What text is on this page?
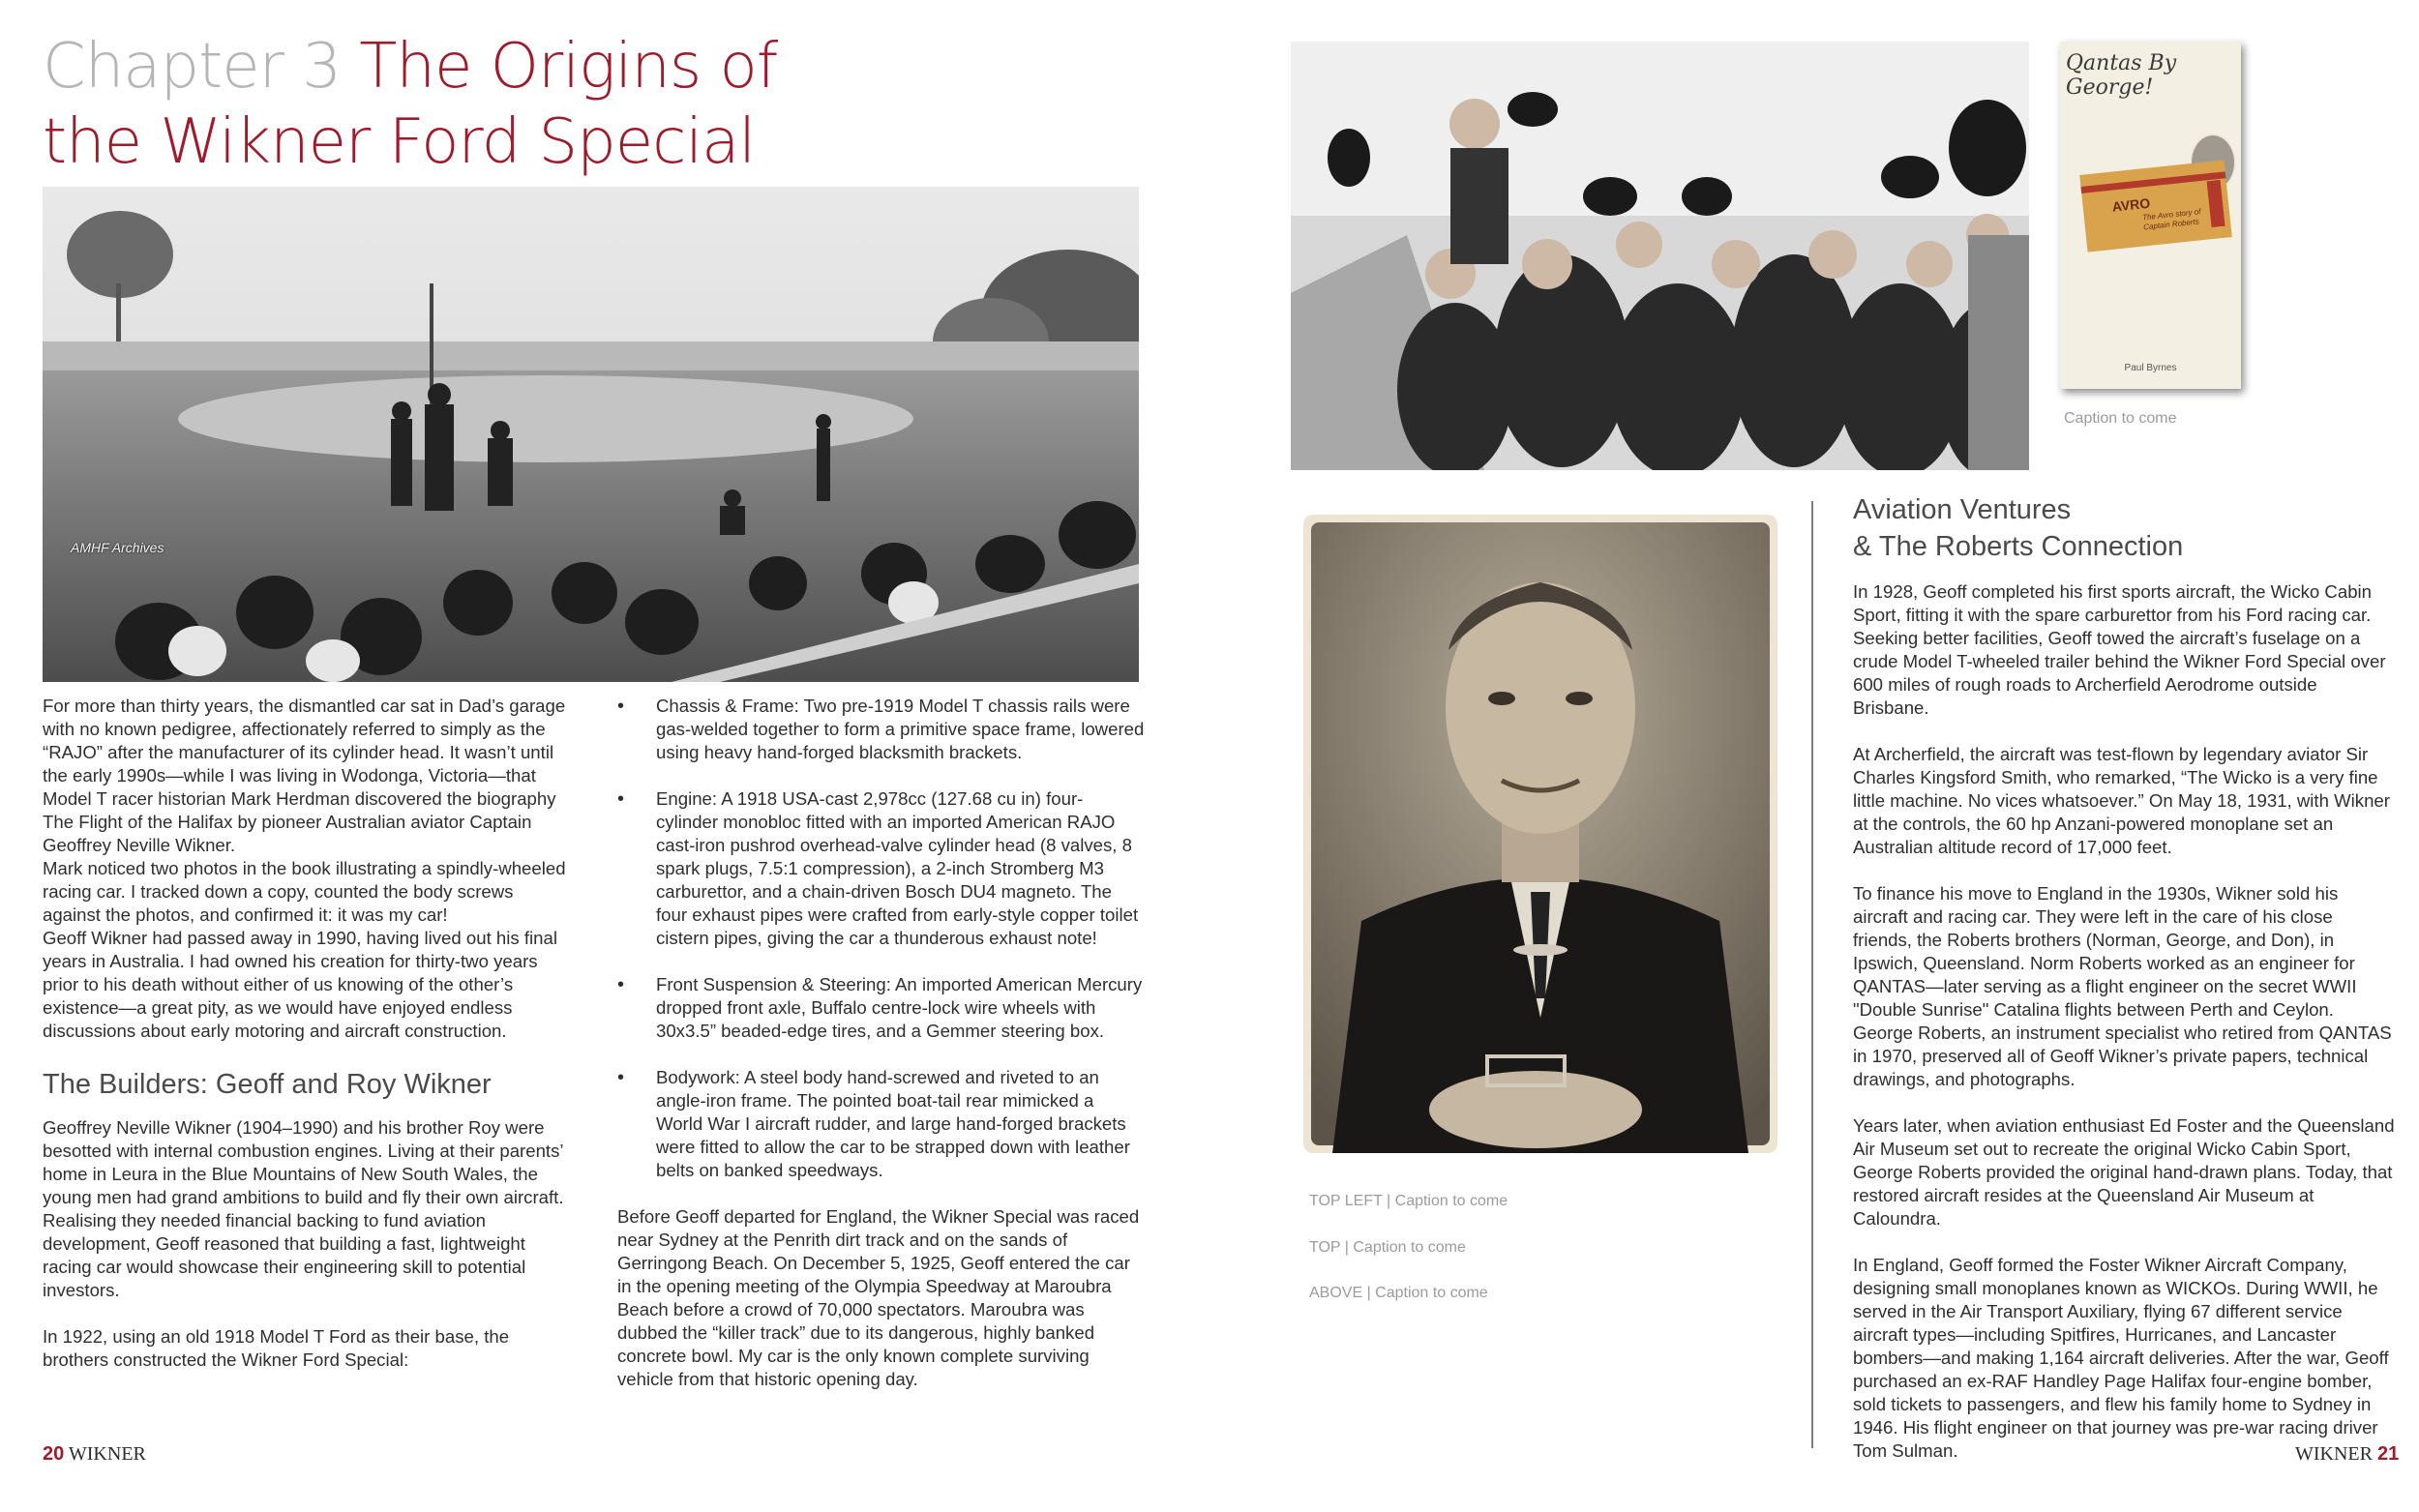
Chapter 3 The Origins of
the Wikner Ford Special
AMHF Archives

For more than thirty years, the dismantled car sat in Dad’s garage with no known pedigree, affectionately referred to simply as the “RAJO” after the manufacturer of its cylinder head. It wasn’t until the early 1990s—while I was living in Wodonga, Victoria—that Model T racer historian Mark Herdman discovered the biography The Flight of the Halifax by pioneer Australian aviator Captain Geoffrey Neville Wikner.

Mark noticed two photos in the book illustrating a spindly-wheeled racing car. I tracked down a copy, counted the body screws against the photos, and confirmed it: it was my car!

Geoff Wikner had passed away in 1990, having lived out his final years in Australia. I had owned his creation for thirty-two years prior to his death without either of us knowing of the other’s existence—a great pity, as we would have enjoyed endless discussions about early motoring and aircraft construction.

The Builders: Geoff and Roy Wikner

Geoffrey Neville Wikner (1904–1990) and his brother Roy were besotted with internal combustion engines. Living at their parents’ home in Leura in the Blue Mountains of New South Wales, the young men had grand ambitions to build and fly their own aircraft. Realising they needed financial backing to fund aviation development, Geoff reasoned that building a fast, lightweight racing car would showcase their engineering skill to potential investors.

In 1922, using an old 1918 Model T Ford as their base, the brothers constructed the Wikner Ford Special:

• Chassis & Frame: Two pre-1919 Model T chassis rails were gas-welded together to form a primitive space frame, lowered using heavy hand-forged blacksmith brackets.
• Engine: A 1918 USA-cast 2,978cc (127.68 cu in) four-cylinder monobloc fitted with an imported American RAJO cast-iron pushrod overhead-valve cylinder head (8 valves, 8 spark plugs, 7.5:1 compression), a 2-inch Stromberg M3 carburettor, and a chain-driven Bosch DU4 magneto. The four exhaust pipes were crafted from early-style copper toilet cistern pipes, giving the car a thunderous exhaust note!
• Front Suspension & Steering: An imported American Mercury dropped front axle, Buffalo centre-lock wire wheels with 30x3.5” beaded-edge tires, and a Gemmer steering box.
• Bodywork: A steel body hand-screwed and riveted to an angle-iron frame. The pointed boat-tail rear mimicked a World War I aircraft rudder, and large hand-forged brackets were fitted to allow the car to be strapped down with leather belts on banked speedways.

Before Geoff departed for England, the Wikner Special was raced near Sydney at the Penrith dirt track and on the sands of Gerringong Beach. On December 5, 1925, Geoff entered the car in the opening meeting of the Olympia Speedway at Maroubra Beach before a crowd of 70,000 spectators. Maroubra was dubbed the “killer track” due to its dangerous, highly banked concrete bowl. My car is the only known complete surviving vehicle from that historic opening day.

20 WIKNER
Qantas By George!
AVRO
The Avro story of Captain Roberts
Paul Byrnes
Caption to come
TOP LEFT | Caption to come
TOP | Caption to come
ABOVE | Caption to come
Aviation Ventures
& The Roberts Connection

In 1928, Geoff completed his first sports aircraft, the Wicko Cabin Sport, fitting it with the spare carburettor from his Ford racing car. Seeking better facilities, Geoff towed the aircraft’s fuselage on a crude Model T-wheeled trailer behind the Wikner Ford Special over 600 miles of rough roads to Archerfield Aerodrome outside Brisbane.

At Archerfield, the aircraft was test-flown by legendary aviator Sir Charles Kingsford Smith, who remarked, “The Wicko is a very fine little machine. No vices whatsoever.” On May 18, 1931, with Wikner at the controls, the 60 hp Anzani-powered monoplane set an Australian altitude record of 17,000 feet.

To finance his move to England in the 1930s, Wikner sold his aircraft and racing car. They were left in the care of his close friends, the Roberts brothers (Norman, George, and Don), in Ipswich, Queensland. Norm Roberts worked as an engineer for QANTAS—later serving as a flight engineer on the secret WWII "Double Sunrise" Catalina flights between Perth and Ceylon. George Roberts, an instrument specialist who retired from QANTAS in 1970, preserved all of Geoff Wikner’s private papers, technical drawings, and photographs.

Years later, when aviation enthusiast Ed Foster and the Queensland Air Museum set out to recreate the original Wicko Cabin Sport, George Roberts provided the original hand-drawn plans. Today, that restored aircraft resides at the Queensland Air Museum at Caloundra.

In England, Geoff formed the Foster Wikner Aircraft Company, designing small monoplanes known as WICKOs. During WWII, he served in the Air Transport Auxiliary, flying 67 different service aircraft types—including Spitfires, Hurricanes, and Lancaster bombers—and making 1,164 aircraft deliveries. After the war, Geoff purchased an ex-RAF Handley Page Halifax four-engine bomber, sold tickets to passengers, and flew his family home to Sydney in 1946. His flight engineer on that journey was pre-war racing driver Tom Sulman.	WIKNER 21
